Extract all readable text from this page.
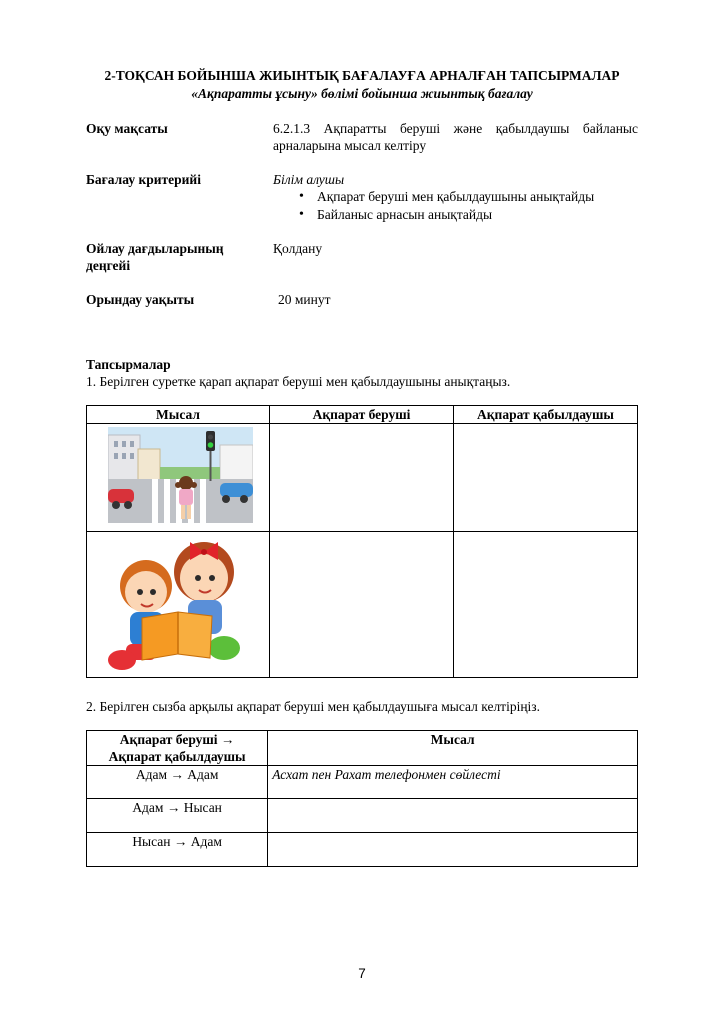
2-ТОҚСАН БОЙЫНША ЖИЫНТЫҚ БАҒАЛАУҒА АРНАЛҒАН ТАПСЫРМАЛАР
«Ақпаратты ұсыну» бөлімі бойынша жиынтық бағалау
Оқу мақсаты	6.2.1.3 Ақпаратты беруші және қабылдаушы байланыс арналарына мысал келтіру
Бағалау критерийі	Білім алушы
• Ақпарат беруші мен қабылдаушыны анықтайды
• Байланыс арнасын анықтайды
Ойлау дағдыларының
деңгейі
Қолдану
Орындау уақыты	20 минут
Тапсырмалар
1. Берілген суретке қарап ақпарат беруші мен қабылдаушыны анықтаңыз.
Мысал	Ақпарат беруші	Ақпарат қабылдаушы

2. Берілген сызба арқылы ақпарат беруші мен қабылдаушыға мысал келтіріңіз.
Ақпарат беруші →
Ақпарат қабылдаушы	Мысал
Адам → Адам	Асхат пен Рахат телефонмен сөйлесті
Адам → Нысан	
Нысан → Адам	
7
